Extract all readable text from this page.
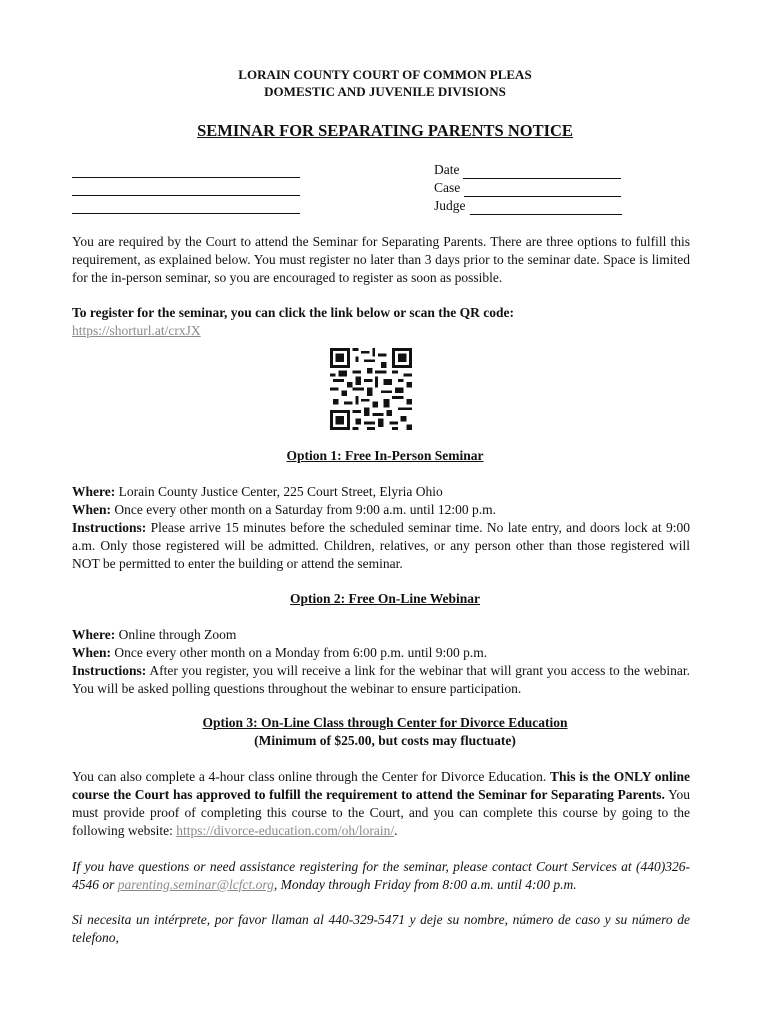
LORAIN COUNTY COURT OF COMMON PLEAS
DOMESTIC AND JUVENILE DIVISIONS
SEMINAR FOR SEPARATING PARENTS NOTICE
Date
Case
Judge
You are required by the Court to attend the Seminar for Separating Parents. There are three options to fulfill this requirement, as explained below. You must register no later than 3 days prior to the seminar date. Space is limited for the in-person seminar, so you are encouraged to register as soon as possible.
To register for the seminar, you can click the link below or scan the QR code:
https://shorturl.at/crxJX
Option 1: Free In-Person Seminar
Where: Lorain County Justice Center, 225 Court Street, Elyria Ohio
When: Once every other month on a Saturday from 9:00 a.m. until 12:00 p.m.
Instructions: Please arrive 15 minutes before the scheduled seminar time. No late entry, and doors lock at 9:00 a.m. Only those registered will be admitted. Children, relatives, or any person other than those registered will NOT be permitted to enter the building or attend the seminar.
Option 2: Free On-Line Webinar
Where: Online through Zoom
When: Once every other month on a Monday from 6:00 p.m. until 9:00 p.m.
Instructions: After you register, you will receive a link for the webinar that will grant you access to the webinar. You will be asked polling questions throughout the webinar to ensure participation.
Option 3: On-Line Class through Center for Divorce Education
(Minimum of $25.00, but costs may fluctuate)
You can also complete a 4-hour class online through the Center for Divorce Education. This is the ONLY online course the Court has approved to fulfill the requirement to attend the Seminar for Separating Parents. You must provide proof of completing this course to the Court, and you can complete this course by going to the following website: https://divorce-education.com/oh/lorain/.
If you have questions or need assistance registering for the seminar, please contact Court Services at (440)326-4546 or parenting.seminar@lcfct.org, Monday through Friday from 8:00 a.m. until 4:00 p.m.
Si necesita un intérprete, por favor llaman al 440-329-5471 y deje su nombre, número de caso y su número de telefono,
